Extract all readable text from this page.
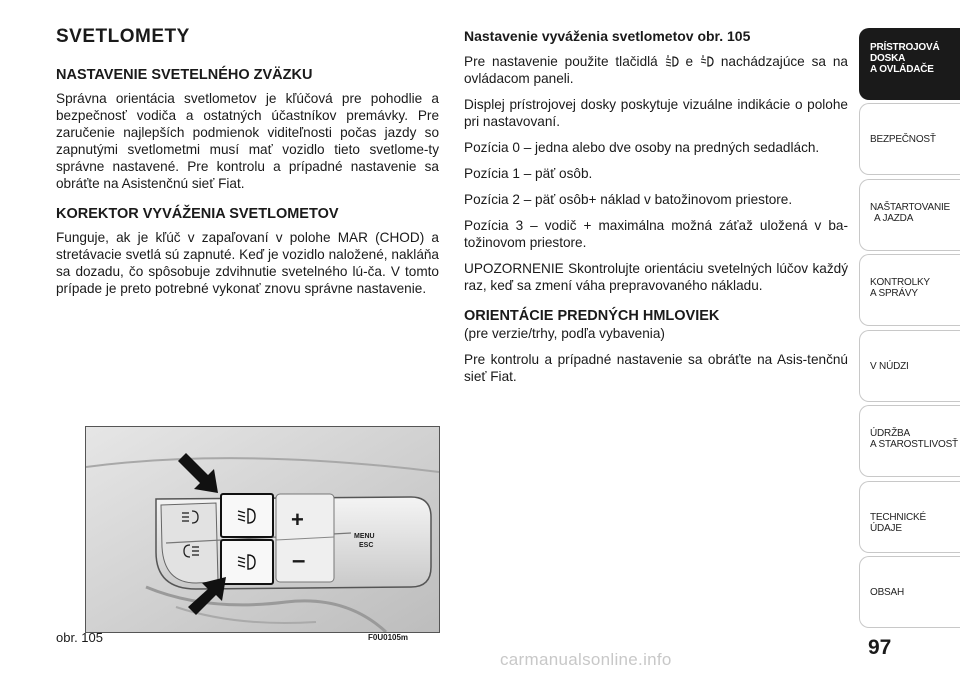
SVETLOMETY
NASTAVENIE SVETELNÉHO ZVÄZKU

Správna orientácia svetlometov je kľúčová pre pohodlie a bezpečnosť vodiča a ostatných účastníkov premávky. Pre zaručenie najlepších podmienok viditeľnosti počas jazdy so zapnutými svetlometmi musí mať vozidlo tieto svetlome-ty správne nastavené. Pre kontrolu a prípadné nastavenie sa obráťte na Asistenčnú sieť Fiat.

KOREKTOR VYVÁŽENIA SVETLOMETOV

Funguje, ak je kľúč v zapaľovaní v polohe MAR (CHOD) a stretávacie svetlá sú zapnuté. Keď je vozidlo naložené, nakláňa sa dozadu, čo spôsobuje zdvihnutie svetelného lú-ča. V tomto prípade je preto potrebné vykonať znovu správne nastavenie.

Nastavenie vyváženia svetlometov obr. 105

Pre nastavenie použite tlačidlá e nachádzajúce sa na ovládacom paneli.

Displej prístrojovej dosky poskytuje vizuálne indikácie o polohe pri nastavovaní.

Pozícia 0 – jedna alebo dve osoby na predných sedadlách.

Pozícia 1 – päť osôb.

Pozícia 2 – päť osôb+ náklad v batožinovom priestore.

Pozícia 3 – vodič + maximálna možná záťaž uložená v ba-tožinovom priestore.

UPOZORNENIE Skontrolujte orientáciu svetelných lúčov každý raz, keď sa zmení váha prepravovaného nákladu.

ORIENTÁCIE PREDNÝCH HMLOVIEK

(pre verzie/trhy, podľa vybavenia)

Pre kontrolu a prípadné nastavenie sa obráťte na Asis-tenčnú sieť Fiat.

+
–
MENU
ESC
obr. 105	F0U0105m
PRÍSTROJOVÁ
DOSKA
A OVLÁDAČE
BEZPEČNOSŤ
NAŠTARTOVANIE
A JAZDA
KONTROLKY
A SPRÁVY
V NÚDZI
ÚDRŽBA
A STAROSTLIVOSŤ
TECHNICKÉ ÚDAJE
OBSAH
97
carmanualsonline.info
